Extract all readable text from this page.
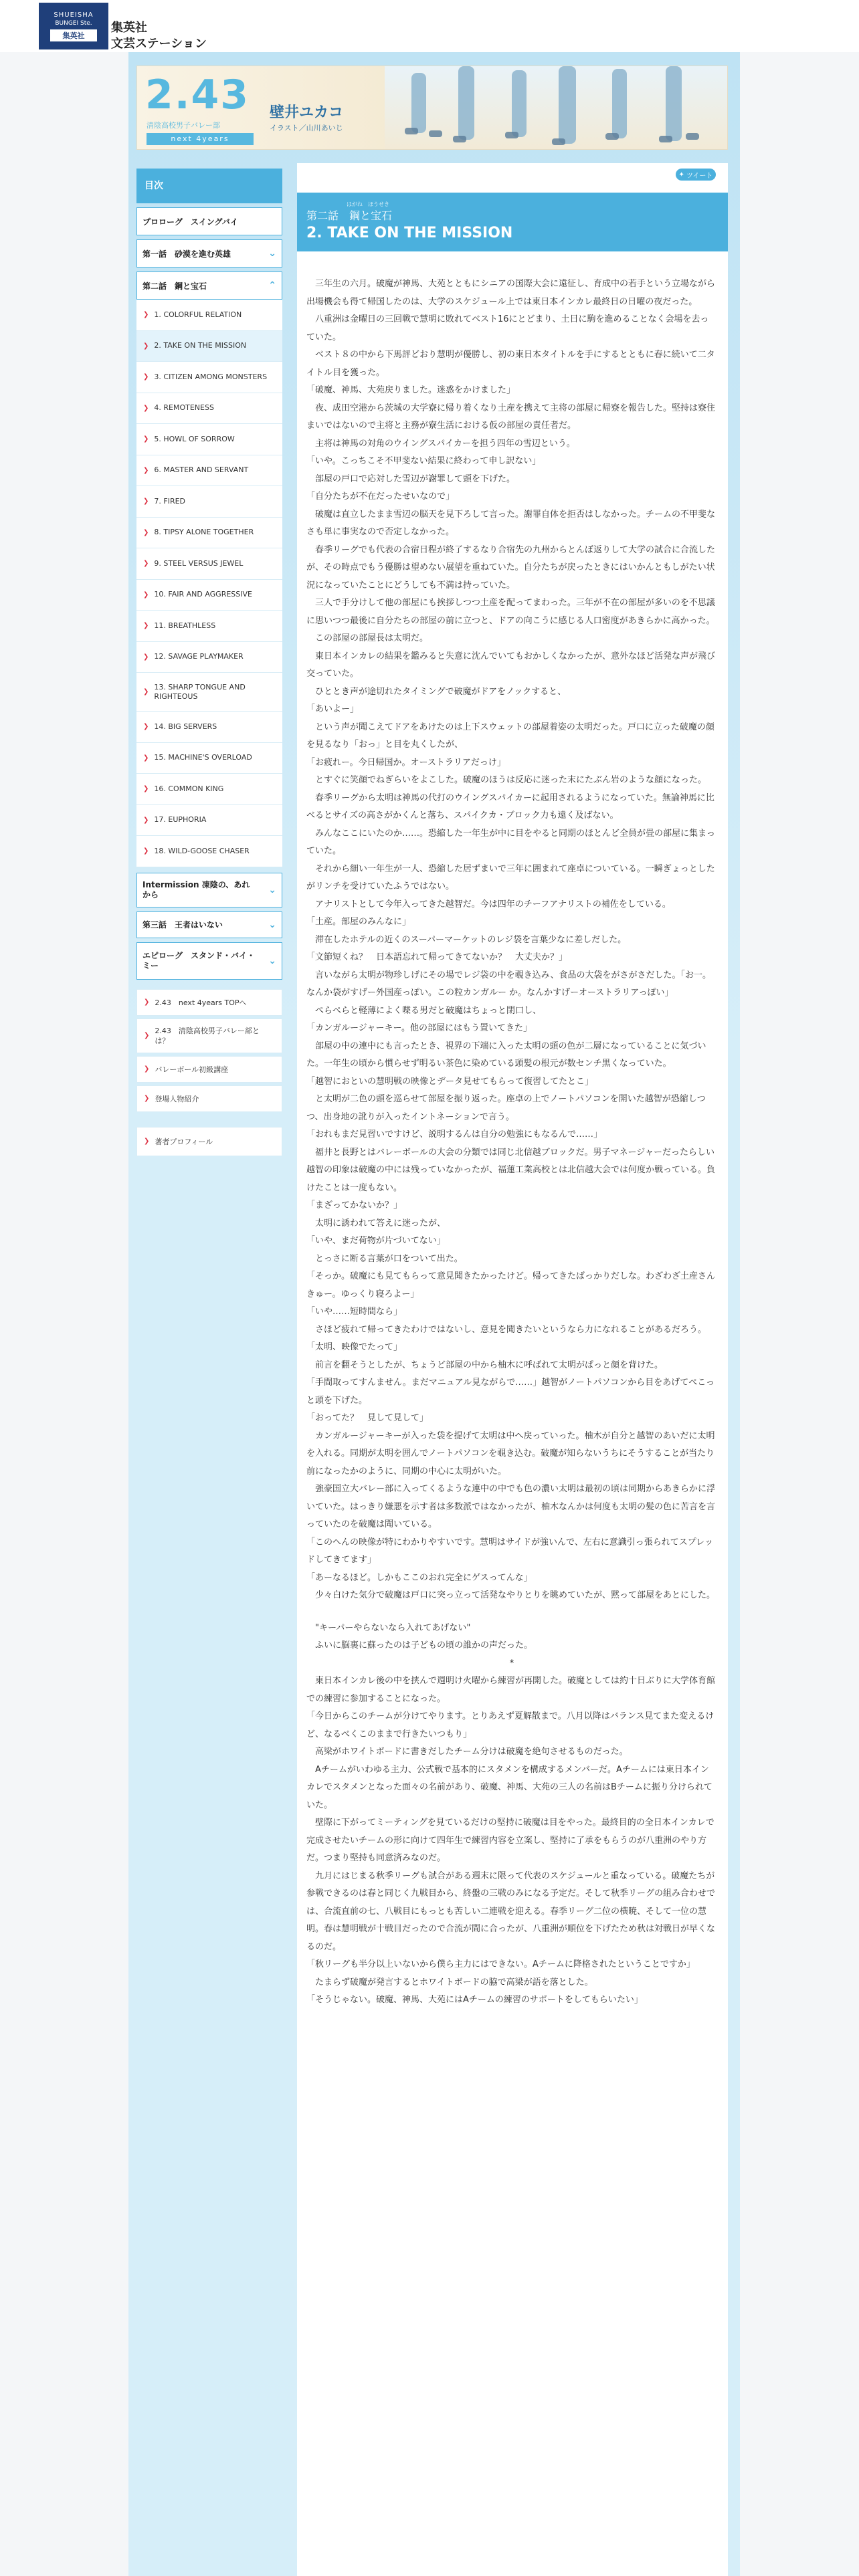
SHUEISHA
BUNGEI Ste.
集英社
集英社
文芸ステーション
2.43
清陰高校男子バレー部
next 4years
壁井ユカコ
イラスト／山川あいじ
目次
プロローグ　スイングバイ
第一話　砂漠を進む英雄	⌄
第二話　鋼と宝石	⌃
❯ 1. COLORFUL RELATION
❯ 2. TAKE ON THE MISSION
❯ 3. CITIZEN AMONG MONSTERS
❯ 4. REMOTENESS
❯ 5. HOWL OF SORROW
❯ 6. MASTER AND SERVANT
❯ 7. FIRED
❯ 8. TIPSY ALONE TOGETHER
❯ 9. STEEL VERSUS JEWEL
❯ 10. FAIR AND AGGRESSIVE
❯ 11. BREATHLESS
❯ 12. SAVAGE PLAYMAKER
❯
13. SHARP TONGUE AND RIGHTEOUS
❯ 14. BIG SERVERS
❯ 15. MACHINE'S OVERLOAD
❯ 16. COMMON KING
❯ 17. EUPHORIA
❯ 18. WILD-GOOSE CHASER
Intermission 凍陰の、あれから	⌄
第三話　王者はいない	⌄
エピローグ　スタンド・バイ・ミー	⌄
❯ 2.43　next 4years TOPへ
❯
2.43　清陰高校男子バレー部とは？
❯ バレーボール初級講座
❯ 登場人物紹介
❯ 著者プロフィール
✦ ツイート
はがね　ほうせき
第二話　鋼と宝石
2. TAKE ON THE MISSION

　三年生の六月。破魔が神馬、大苑とともにシニアの国際大会に遠征し、育成中の若手という立場ながら出場機会も得て帰国したのは、大学のスケジュール上では東日本インカレ最終日の日曜の夜だった。

　八重洲は金曜日の三回戦で慧明に敗れてベスト16にとどまり、土日に駒を進めることなく会場を去っていた。

　ベスト８の中から下馬評どおり慧明が優勝し、初の東日本タイトルを手にするとともに春に続いて二タイトル目を獲った。

「破魔、神馬、大苑戻りました。迷惑をかけました」

　夜、成田空港から茨城の大学寮に帰り着くなり土産を携えて主将の部屋に帰寮を報告した。堅持は寮住まいではないので主将と主務が寮生活における仮の部屋の責任者だ。

　主将は神馬の対角のウイングスパイカーを担う四年の雪辺という。

「いや。こっちこそ不甲斐ない結果に終わって申し訳ない」

　部屋の戸口で応対した雪辺が謝罪して頭を下げた。

「自分たちが不在だったせいなので」

　破魔は直立したまま雪辺の脳天を見下ろして言った。謝罪自体を拒否はしなかった。チームの不甲斐なさも単に事実なので否定しなかった。

　春季リーグでも代表の合宿日程が終了するなり合宿先の九州からとんぼ返りして大学の試合に合流したが、その時点でもう優勝は望めない展望を重ねていた。自分たちが戻ったときにはいかんともしがたい状況になっていたことにどうしても不満は持っていた。

　三人で手分けして他の部屋にも挨拶しつつ土産を配ってまわった。三年が不在の部屋が多いのを不思議に思いつつ最後に自分たちの部屋の前に立つと、ドアの向こうに感じる人口密度があきらかに高かった。

　この部屋の部屋長は太明だ。

　東日本インカレの結果を鑑みると失意に沈んでいてもおかしくなかったが、意外なほど活発な声が飛び交っていた。

　ひととき声が途切れたタイミングで破魔がドアをノックすると、

「あいよー」

　という声が聞こえてドアをあけたのは上下スウェットの部屋着姿の太明だった。戸口に立った破魔の顔を見るなり「おっ」と目を丸くしたが、

「お疲れー。今日帰国か。オーストラリアだっけ」

　とすぐに笑顔でねぎらいをよこした。破魔のほうは反応に迷った末にたぶん岩のような顔になった。

　春季リーグから太明は神馬の代打のウイングスパイカーに起用されるようになっていた。無論神馬に比べるとサイズの高さがかくんと落ち、スパイクカ・ブロック力も遠く及ばない。

　みんなここにいたのか……。恐縮した一年生が中に目をやると同期のほとんど全員が畳の部屋に集まっていた。

　それから細い一年生が一人、恐縮した居ずまいで三年に囲まれて座卓についている。一瞬ぎょっとしたがリンチを受けていたふうではない。

　アナリストとして今年入ってきた越智だ。今は四年のチーフアナリストの補佐をしている。

「土産。部屋のみんなに」

　滞在したホテルの近くのスーパーマーケットのレジ袋を言葉少なに差しだした。

「文節短くね？　日本語忘れて帰ってきてないか？　大丈夫か？」

　言いながら太明が物珍しげにその場でレジ袋の中を覗き込み、食品の大袋をがさがさだした。「お一。なんか袋がすげー外国産っぽい。この粒カンガルー か。なんかすげーオーストラリアっぽい」

　ぺらぺらと軽薄によく喋る男だと破魔はちょっと閉口し、

「カンガルージャーキー。他の部屋にはもう置いてきた」

　部屋の中の連中にも言ったとき、視界の下端に入った太明の頭の色が二層になっていることに気づいた。一年生の頃から慣らせず明るい茶色に染めている頭髪の根元が数センチ黒くなっていた。

「越智におといの慧明戦の映像とデータ見せてもらって復習してたとこ」

　と太明が二色の頭を巡らせて部屋を振り返った。座卓の上でノートパソコンを開いた越智が恐縮しつつ、出身地の訛りが入ったイントネーションで言う。

「おれもまだ見習いですけど、説明するんは自分の勉強にもなるんで……」

　福井と長野とはバレーボールの大会の分類では同じ北信越ブロックだ。男子マネージャーだったらしい越智の印象は破魔の中には残っていなかったが、福蓮工業高校とは北信越大会では何度か戦っている。負けたことは一度もない。

「まざってかないか？」

　太明に誘われて答えに迷ったが、

「いや、まだ荷物が片づいてない」

　とっさに断る言葉が口をついて出た。

「そっか。破魔にも見てもらって意見聞きたかったけど。帰ってきたばっかりだしな。わざわざ土産さんきゅー。ゆっくり寝ろよー」

「いや……短時間なら」

　さほど疲れて帰ってきたわけではないし、意見を聞きたいというなら力になれることがあるだろう。

「太明、映像でたって」

　前言を翻そうとしたが、ちょうど部屋の中から柚木に呼ばれて太明がぱっと顔を背けた。

「手間取ってすんません。まだマニュアル見ながらで……」越智がノートパソコンから目をあげてぺこっと頭を下げた。

「おってた？　見して見して」

　カンガルージャーキーが入った袋を提げて太明は中へ戻っていった。柚木が自分と越智のあいだに太明を入れる。同期が太明を囲んでノートパソコンを覗き込む。破魔が知らないうちにそうすることが当たり前になったかのように、同期の中心に太明がいた。

　強豪国立大バレー部に入ってくるような連中の中でも色の濃い太明は最初の頃は同期からあきらかに浮いていた。はっきり嫌悪を示す者は多数派ではなかったが、柚木なんかは何度も太明の髪の色に苦言を言っていたのを破魔は聞いている。

「このへんの映像が特にわかりやすいです。慧明はサイドが強いんで、左右に意識引っ張られてスプレッドしてきてます」

「あーなるほど。しかもここのおれ完全にゲスってんな」

　少々白けた気分で破魔は戸口に突っ立って活発なやりとりを眺めていたが、黙って部屋をあとにした。

　"キーパーやらないなら入れてあげない"

　ふいに脳裏に蘇ったのは子どもの頃の誰かの声だった。

*

　東日本インカレ後の中を挟んで週明け火曜から練習が再開した。破魔としては約十日ぶりに大学体育館での練習に参加することになった。

「今日からこのチームが分けてやります。とりあえず夏解散まで。八月以降はバランス見てまた変えるけど、なるべくこのままで行きたいつもり」

　高梁がホワイトボードに書きだしたチーム分けは破魔を絶句させるものだった。

　Aチームがいわゆる主力、公式戦で基本的にスタメンを構成するメンバーだ。Aチームには東日本インカレでスタメンとなった面々の名前があり、破魔、神馬、大苑の三人の名前はBチームに振り分けられていた。

　壁際に下がってミーティングを見ているだけの堅持に破魔は目をやった。最終目的の全日本インカレで完成させたいチームの形に向けて四年生で練習内容を立案し、堅持に了承をもらうのが八重洲のやり方だ。つまり堅持も同意済みなのだ。

　九月にはじまる秋季リーグも試合がある週末に限って代表のスケジュールと重なっている。破魔たちが参戦できるのは春と同じく九戦目から、終盤の三戦のみになる予定だ。そして秋季リーグの組み合わせでは、合流直前の七、八戦目にもっとも苦しい二連戦を迎える。春季リーグ二位の横暁、そして一位の慧明。春は慧明戦が十戦目だったので合流が間に合ったが、八重洲が順位を下げたため秋は対戦日が早くなるのだ。

「秋リーグも半分以上いないから僕ら主力にはできない。Aチームに降格されたということですか」

　たまらず破魔が発言するとホワイトボードの脇で高梁が語を落とした。

「そうじゃない。破魔、神馬、大苑にはAチームの練習のサポートをしてもらいたい」
